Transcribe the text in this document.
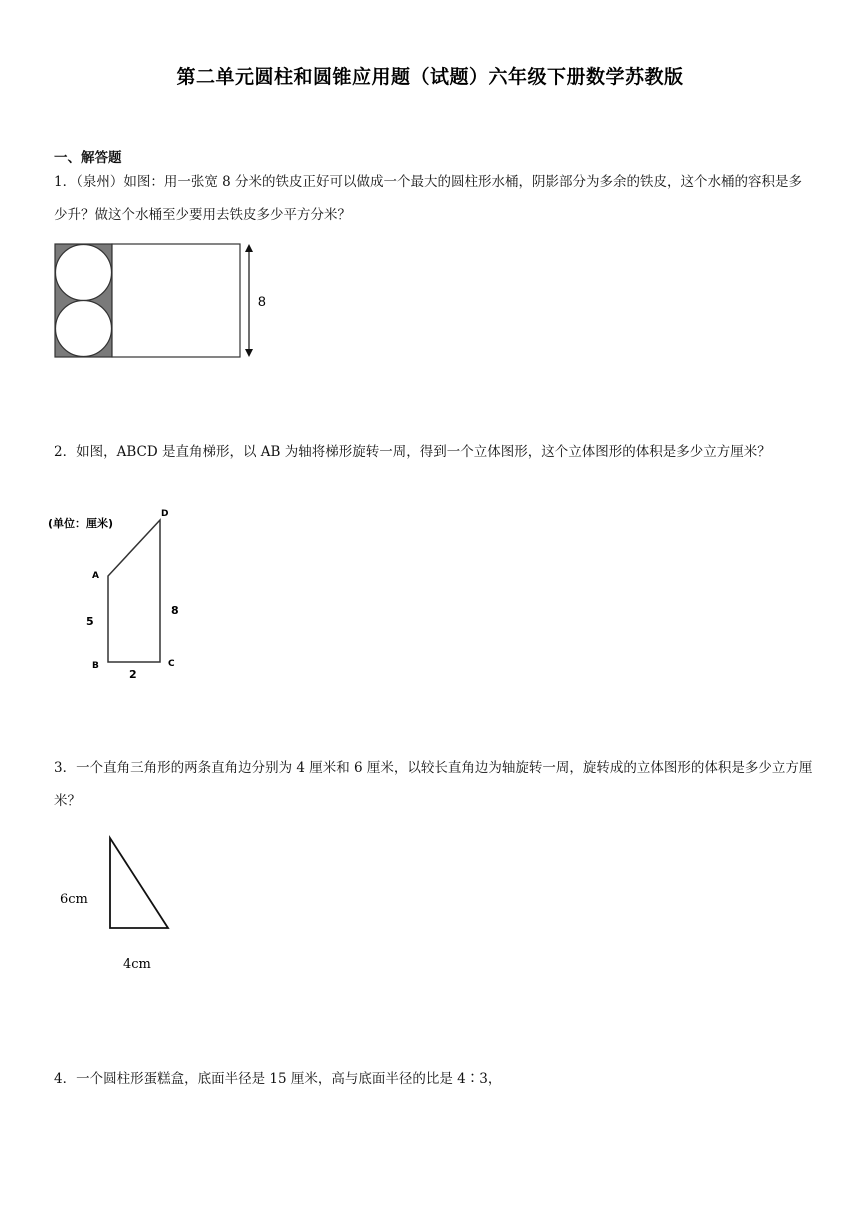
第二单元圆柱和圆锥应用题（试题）六年级下册数学苏教版
一、解答题
1．（泉州）如图：用一张宽 8 分米的铁皮正好可以做成一个最大的圆柱形水桶，阴影部分为多余的铁皮，这个水桶的容积是多少升？做这个水桶至少要用去铁皮多少平方分米？
8
2．如图，ABCD 是直角梯形，以 AB 为轴将梯形旋转一周，得到一个立体图形，这个立体图形的体积是多少立方厘米？
(单位：厘米)
D
A
B	C
5
8
2
3．一个直角三角形的两条直角边分别为 4 厘米和 6 厘米，以较长直角边为轴旋转一周，旋转成的立体图形的体积是多少立方厘米？
6cm
4cm
4．一个圆柱形蛋糕盒，底面半径是 15 厘米，高与底面半径的比是 4∶3，
